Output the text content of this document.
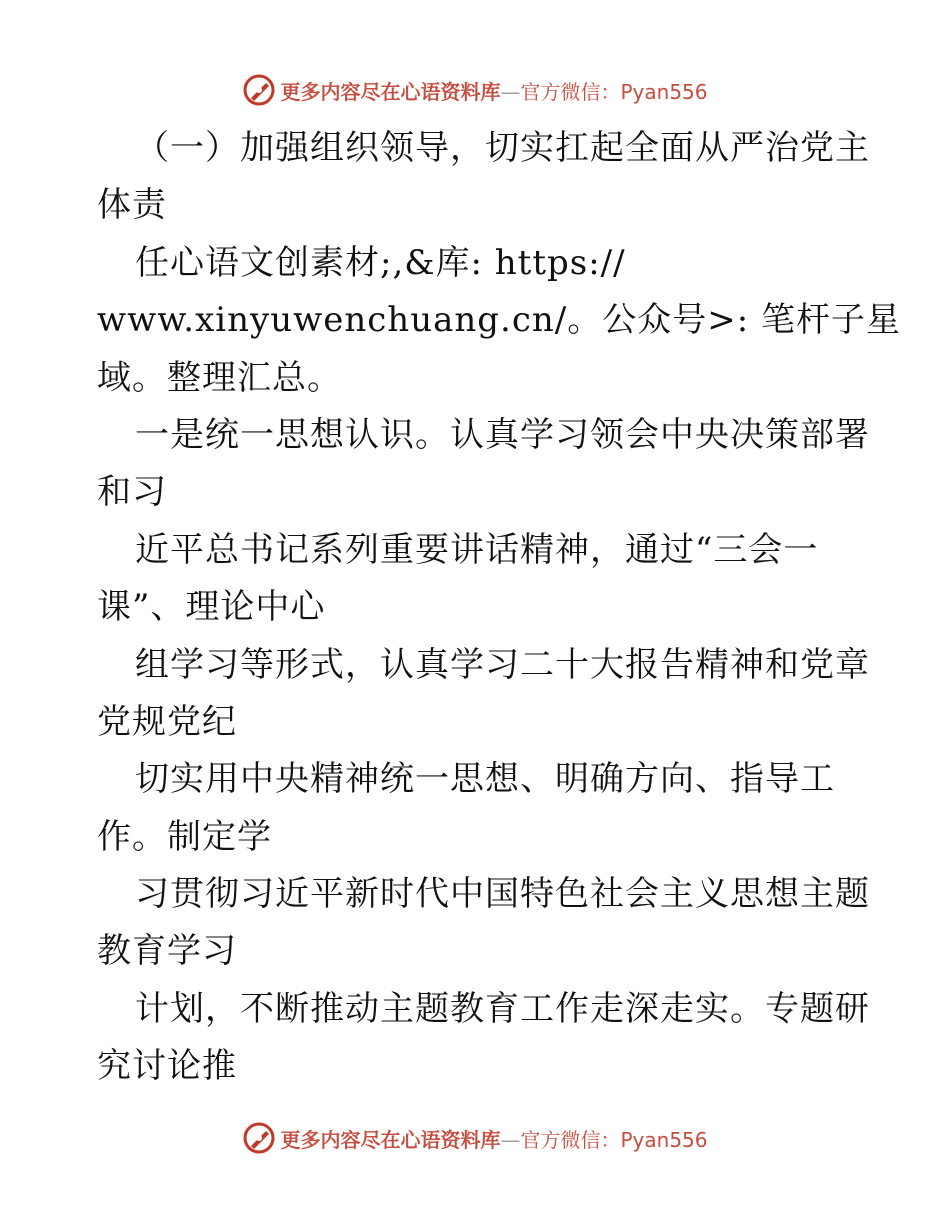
更多内容尽在心语资料库—官方微信：Pyan556
（一）加强组织领导，切实扛起全面从严治党主
体责
任心语文创素材;,&库: https://
www.xinyuwenchuang.cn/。公众号>: 笔杆子星
域。整理汇总。
一是统一思想认识。认真学习领会中央决策部署
和习
近平总书记系列重要讲话精神，通过“三会一
课”、理论中心
组学习等形式，认真学习二十大报告精神和党章
党规党纪
切实用中央精神统一思想、明确方向、指导工
作。制定学
习贯彻习近平新时代中国特色社会主义思想主题
教育学习
计划，不断推动主题教育工作走深走实。专题研
究讨论推
更多内容尽在心语资料库—官方微信：Pyan556
